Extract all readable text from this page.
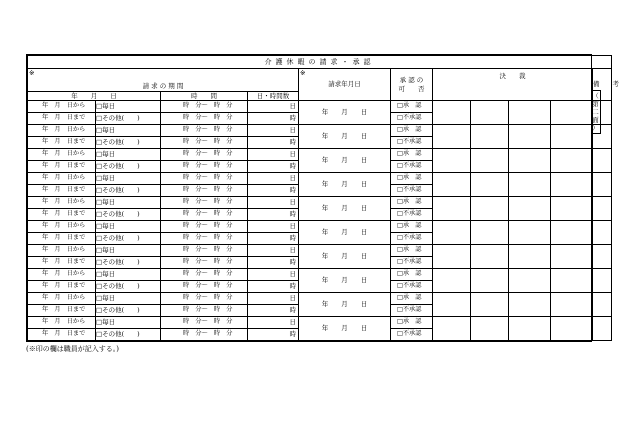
介護休暇の請求・承認										

※
請 求 の 期 間				※
請求年月日	承 認 の
可　　否	決　　裁				備　　考
年　　月　　日		時　　間	日・時間数							
年　月　日から	□毎日	時　分～　時　分	日	年　　月　　日	□承　認					
年　月　日まで	□その他(　　)	時　分～　時　分	時		□不承認					
年　月　日から	□毎日	時　分～　時　分	日	年　　月　　日	□承　認					
年　月　日まで	□その他(　　)	時　分～　時　分	時		□不承認					
年　月　日から	□毎日	時　分～　時　分	日	年　　月　　日	□承　認					
年　月　日まで	□その他(　　)	時　分～　時　分	時		□不承認					
年　月　日から	□毎日	時　分～　時　分	日	年　　月　　日	□承　認					
年　月　日まで	□その他(　　)	時　分～　時　分	時		□不承認					
年　月　日から	□毎日	時　分～　時　分	日	年　　月　　日	□承　認					
年　月　日まで	□その他(　　)	時　分～　時　分	時		□不承認					
年　月　日から	□毎日	時　分～　時　分	日	年　　月　　日	□承　認					
年　月　日まで	□その他(　　)	時　分～　時　分	時		□不承認					
年　月　日から	□毎日	時　分～　時　分	日	年　　月　　日	□承　認					
年　月　日まで	□その他(　　)	時　分～　時　分	時		□不承認					
年　月　日から	□毎日	時　分～　時　分	日	年　　月　　日	□承　認					
年　月　日まで	□その他(　　)	時　分～　時　分	時		□不承認					
年　月　日から	□毎日	時　分～　時　分	日	年　　月　　日	□承　認					
年　月　日まで	□その他(　　)	時　分～　時　分	時		□不承認					
年　月　日から	□毎日	時　分～　時　分	日	年　　月　　日	□承　認					
年　月　日まで	□その他(　　)	時　分～　時　分	時		□不承認					
（
第
二
面
）
(※印の欄は職員が記入する。)
